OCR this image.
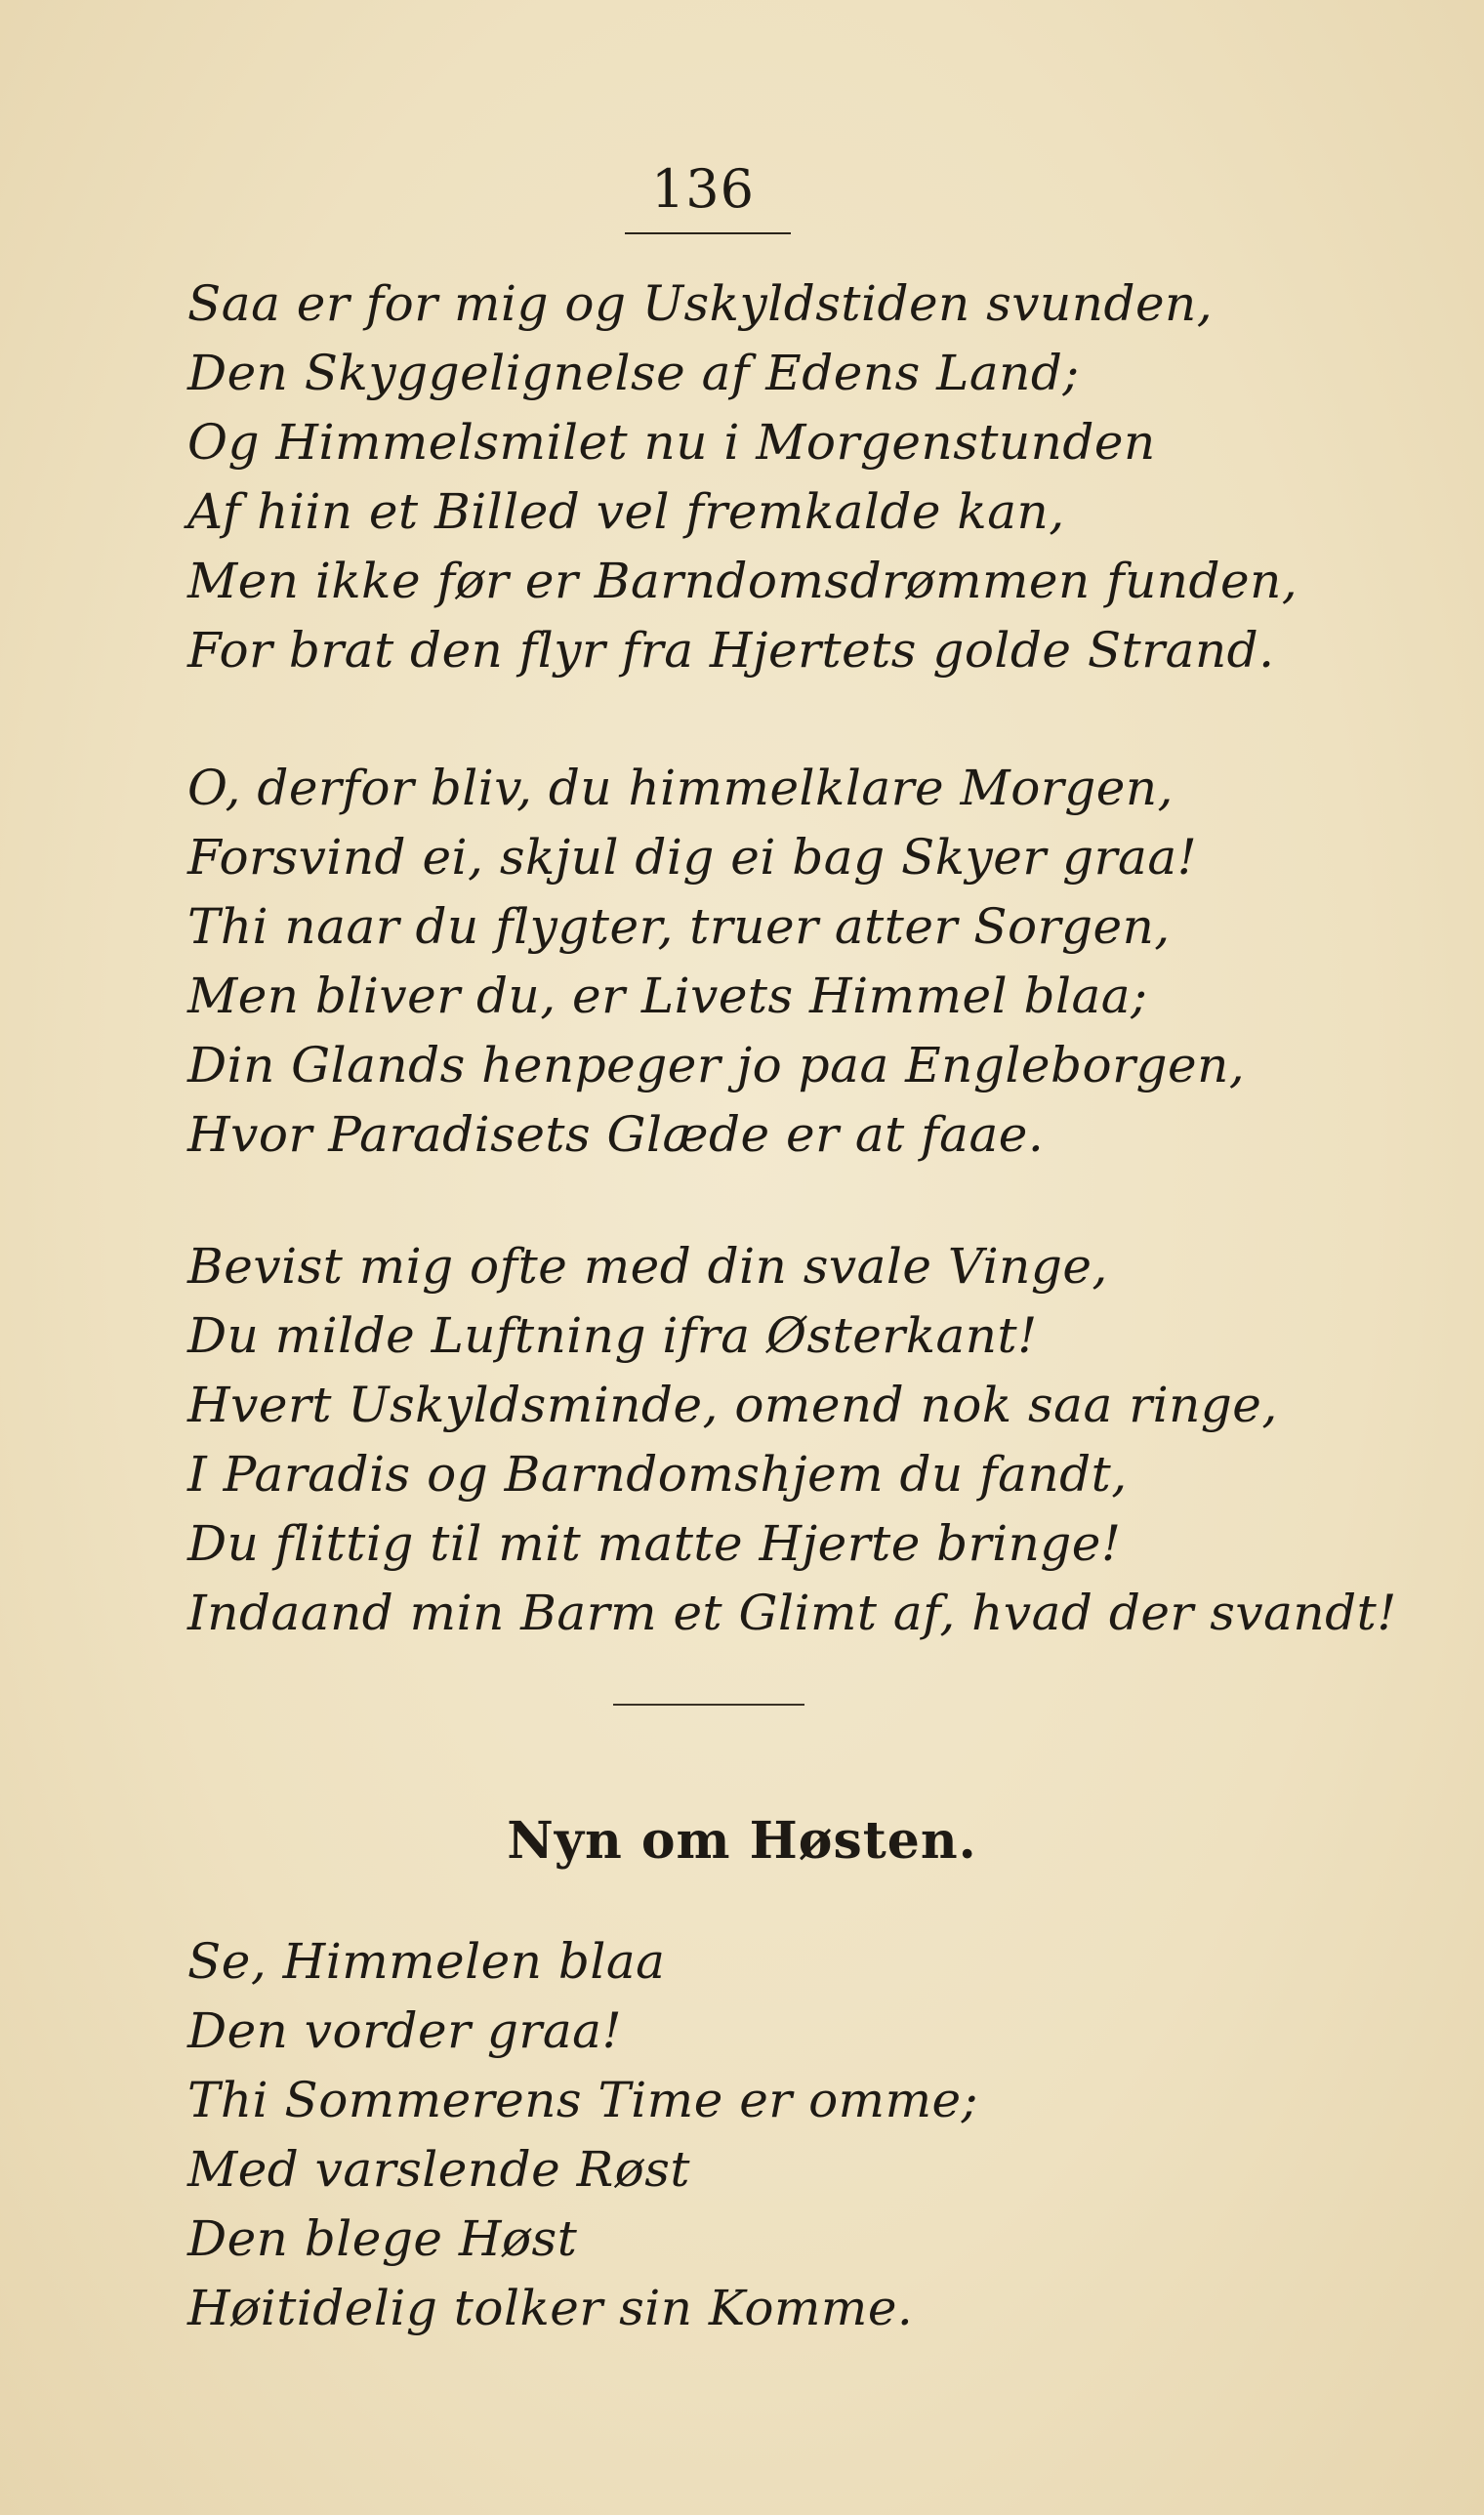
136
Saa er for mig og Uskyldstiden svunden,
Den Skyggelignelse af Edens Land;
Og Himmelsmilet nu i Morgenstunden
Af hiin et Billed vel fremkalde kan,
Men ikke før er Barndomsdrømmen funden,
For brat den flyr fra Hjertets golde Strand.
O, derfor bliv, du himmelklare Morgen,
Forsvind ei, skjul dig ei bag Skyer graa!
Thi naar du flygter, truer atter Sorgen,
Men bliver du, er Livets Himmel blaa;
Din Glands henpeger jo paa Engleborgen,
Hvor Paradisets Glæde er at faae.
Bevist mig ofte med din svale Vinge,
Du milde Luftning ifra Østerkant!
Hvert Uskyldsminde, omend nok saa ringe,
I Paradis og Barndomshjem du fandt,
Du flittig til mit matte Hjerte bringe!
Indaand min Barm et Glimt af, hvad der svandt!
Nyn om Høsten.
Se, Himmelen blaa
Den vorder graa!
Thi Sommerens Time er omme;
Med varslende Røst
Den blege Høst
Høitidelig tolker sin Komme.
